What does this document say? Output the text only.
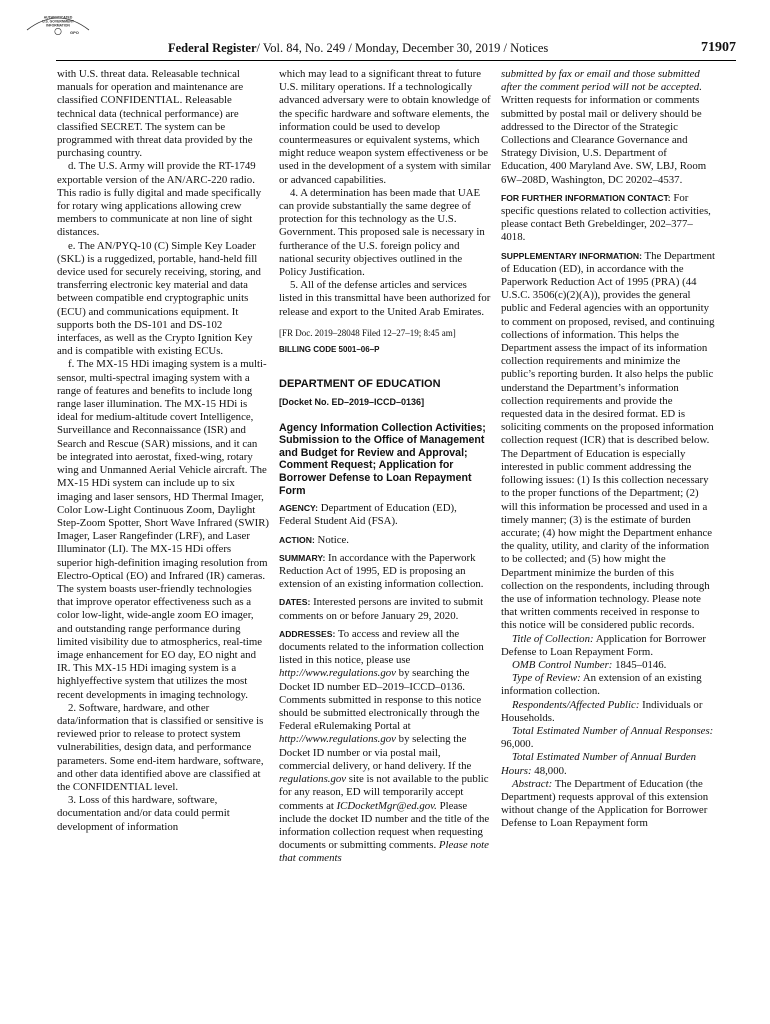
AUTHENTICATED
U.S. GOVERNMENT
INFORMATION
GPO
Federal Register/ Vol. 84, No. 249 / Monday, December 30, 2019 / Notices	71907

with U.S. threat data. Releasable technical manuals for operation and maintenance are classified CONFIDENTIAL. Releasable technical data (technical performance) are classified SECRET. The system can be programmed with threat data provided by the purchasing country.

d. The U.S. Army will provide the RT-1749 exportable version of the AN/ARC-220 radio. This radio is fully digital and made specifically for rotary wing applications allowing crew members to communicate at non line of sight distances.

e. The AN/PYQ-10 (C) Simple Key Loader (SKL) is a ruggedized, portable, hand-held fill device used for securely receiving, storing, and transferring electronic key material and data between compatible end cryptographic units (ECU) and communications equipment. It supports both the DS-101 and DS-102 interfaces, as well as the Crypto Ignition Key and is compatible with existing ECUs.

f. The MX-15 HDi imaging system is a multi-sensor, multi-spectral imaging system with a range of features and benefits to include long range laser illumination. The MX-15 HDi is ideal for medium-altitude covert Intelligence, Surveillance and Reconnaissance (ISR) and Search and Rescue (SAR) missions, and it can be integrated into aerostat, fixed-wing, rotary wing and Unmanned Aerial Vehicle aircraft. The MX-15 HDi system can include up to six imaging and laser sensors, HD Thermal Imager, Color Low-Light Continuous Zoom, Daylight Step-Zoom Spotter, Short Wave Infrared (SWIR) Imager, Laser Rangefinder (LRF), and Laser Illuminator (LI). The MX-15 HDi offers superior high-definition imaging resolution from Electro-Optical (EO) and Infrared (IR) cameras. The system boasts user-friendly technologies that improve operator effectiveness such as a color low-light, wide-angle zoom EO imager, and outstanding range performance during limited visibility due to atmospherics, real-time image enhancement for EO day, EO night and IR. This MX-15 HDi imaging system is a highlyeffective system that utilizes the most recent developments in imaging technology.

2. Software, hardware, and other data/information that is classified or sensitive is reviewed prior to release to protect system vulnerabilities, design data, and performance parameters. Some end-item hardware, software, and other data identified above are classified at the CONFIDENTIAL level.

3. Loss of this hardware, software, documentation and/or data could permit development of information

which may lead to a significant threat to future U.S. military operations. If a technologically advanced adversary were to obtain knowledge of the specific hardware and software elements, the information could be used to develop countermeasures or equivalent systems, which might reduce weapon system effectiveness or be used in the development of a system with similar or advanced capabilities.

4. A determination has been made that UAE can provide substantially the same degree of protection for this technology as the U.S. Government. This proposed sale is necessary in furtherance of the U.S. foreign policy and national security objectives outlined in the Policy Justification.

5. All of the defense articles and services listed in this transmittal have been authorized for release and export to the United Arab Emirates.

[FR Doc. 2019–28048 Filed 12–27–19; 8:45 am]

BILLING CODE 5001–06–P

DEPARTMENT OF EDUCATION

[Docket No. ED–2019–ICCD–0136]

Agency Information Collection Activities; Submission to the Office of Management and Budget for Review and Approval; Comment Request; Application for Borrower Defense to Loan Repayment Form

AGENCY: Department of Education (ED), Federal Student Aid (FSA).

ACTION: Notice.

SUMMARY: In accordance with the Paperwork Reduction Act of 1995, ED is proposing an extension of an existing information collection.

DATES: Interested persons are invited to submit comments on or before January 29, 2020.

ADDRESSES: To access and review all the documents related to the information collection listed in this notice, please use http://www.regulations.gov by searching the Docket ID number ED–2019–ICCD–0136. Comments submitted in response to this notice should be submitted electronically through the Federal eRulemaking Portal at http://www.regulations.gov by selecting the Docket ID number or via postal mail, commercial delivery, or hand delivery. If the regulations.gov site is not available to the public for any reason, ED will temporarily accept comments at ICDocketMgr@ed.gov. Please include the docket ID number and the title of the information collection request when requesting documents or submitting comments. Please note that comments

submitted by fax or email and those submitted after the comment period will not be accepted. Written requests for information or comments submitted by postal mail or delivery should be addressed to the Director of the Strategic Collections and Clearance Governance and Strategy Division, U.S. Department of Education, 400 Maryland Ave. SW, LBJ, Room 6W–208D, Washington, DC 20202–4537.

FOR FURTHER INFORMATION CONTACT: For specific questions related to collection activities, please contact Beth Grebeldinger, 202–377–4018.

SUPPLEMENTARY INFORMATION: The Department of Education (ED), in accordance with the Paperwork Reduction Act of 1995 (PRA) (44 U.S.C. 3506(c)(2)(A)), provides the general public and Federal agencies with an opportunity to comment on proposed, revised, and continuing collections of information. This helps the Department assess the impact of its information collection requirements and minimize the public’s reporting burden. It also helps the public understand the Department’s information collection requirements and provide the requested data in the desired format. ED is soliciting comments on the proposed information collection request (ICR) that is described below. The Department of Education is especially interested in public comment addressing the following issues: (1) Is this collection necessary to the proper functions of the Department; (2) will this information be processed and used in a timely manner; (3) is the estimate of burden accurate; (4) how might the Department enhance the quality, utility, and clarity of the information to be collected; and (5) how might the Department minimize the burden of this collection on the respondents, including through the use of information technology. Please note that written comments received in response to this notice will be considered public records.

Title of Collection: Application for Borrower Defense to Loan Repayment Form.

OMB Control Number: 1845–0146.

Type of Review: An extension of an existing information collection.

Respondents/Affected Public: Individuals or Households.

Total Estimated Number of Annual Responses: 96,000.

Total Estimated Number of Annual Burden Hours: 48,000.

Abstract: The Department of Education (the Department) requests approval of this extension without change of the Application for Borrower Defense to Loan Repayment form
